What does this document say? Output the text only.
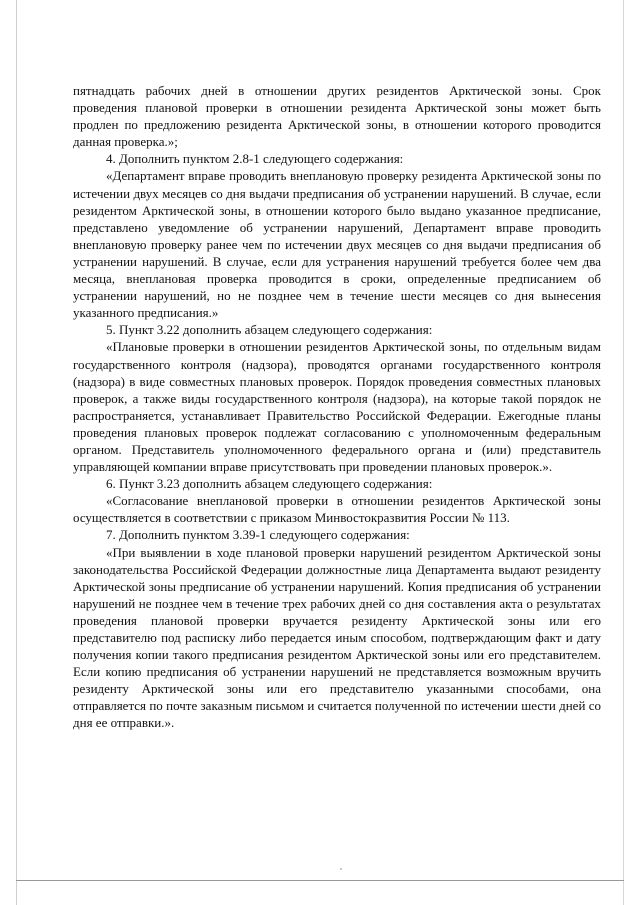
пятнадцать рабочих дней в отношении других резидентов Арктической зоны. Срок проведения плановой проверки в отношении резидента Арктической зоны может быть продлен по предложению резидента Арктической зоны, в отношении которого проводится данная проверка.»;

4. Дополнить пунктом 2.8-1 следующего содержания:

«Департамент вправе проводить внеплановую проверку резидента Арктической зоны по истечении двух месяцев со дня выдачи предписания об устранении нарушений. В случае, если резидентом Арктической зоны, в отношении которого было выдано указанное предписание, представлено уведомление об устранении нарушений, Департамент вправе проводить внеплановую проверку ранее чем по истечении двух месяцев со дня выдачи предписания об устранении нарушений. В случае, если для устранения нарушений требуется более чем два месяца, внеплановая проверка проводится в сроки, определенные предписанием об устранении нарушений, но не позднее чем в течение шести месяцев со дня вынесения указанного предписания.»

5. Пункт 3.22 дополнить абзацем следующего содержания:

«Плановые проверки в отношении резидентов Арктической зоны, по отдельным видам государственного контроля (надзора), проводятся органами государственного контроля (надзора) в виде совместных плановых проверок. Порядок проведения совместных плановых проверок, а также виды государственного контроля (надзора), на которые такой порядок не распространяется, устанавливает Правительство Российской Федерации. Ежегодные планы проведения плановых проверок подлежат согласованию с уполномоченным федеральным органом. Представитель уполномоченного федерального органа и (или) представитель управляющей компании вправе присутствовать при проведении плановых проверок.».

6. Пункт 3.23 дополнить абзацем следующего содержания:

«Согласование внеплановой проверки в отношении резидентов Арктической зоны осуществляется в соответствии с приказом Минвостокразвития России № 113.

7. Дополнить пунктом 3.39-1 следующего содержания:

«При выявлении в ходе плановой проверки нарушений резидентом Арктической зоны законодательства Российской Федерации должностные лица Департамента выдают резиденту Арктической зоны предписание об устранении нарушений. Копия предписания об устранении нарушений не позднее чем в течение трех рабочих дней со дня составления акта о результатах проведения плановой проверки вручается резиденту Арктической зоны или его представителю под расписку либо передается иным способом, подтверждающим факт и дату получения копии такого предписания резидентом Арктической зоны или его представителем. Если копию предписания об устранении нарушений не представляется возможным вручить резиденту Арктической зоны или его представителю указанными способами, она отправляется по почте заказным письмом и считается полученной по истечении шести дней со дня ее отправки.».
